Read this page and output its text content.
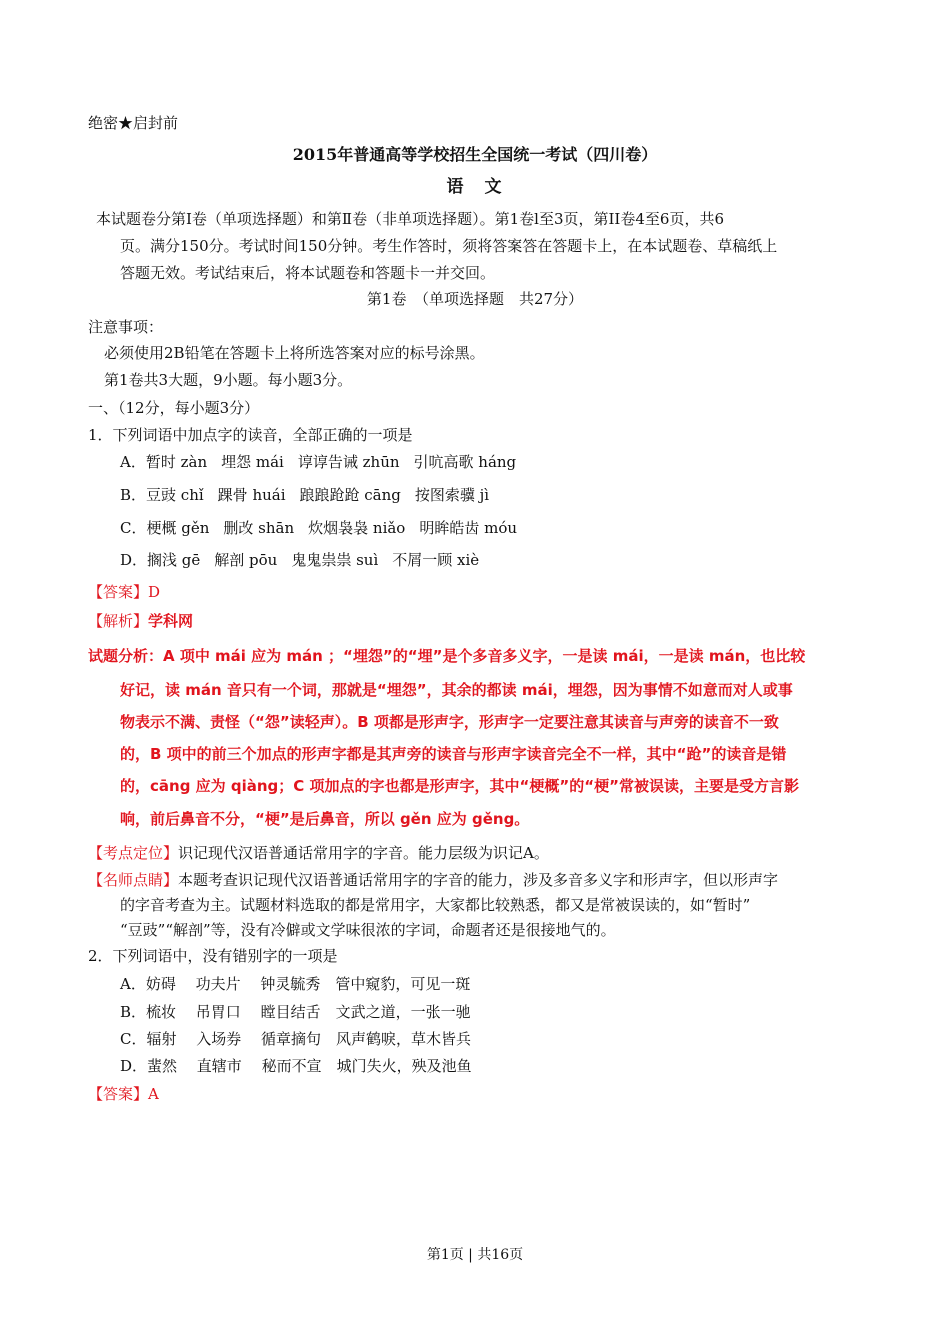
绝密★启封前
2015年普通高等学校招生全国统一考试（四川卷）
语　文
本试题卷分第Ⅰ卷（单项选择题）和第Ⅱ卷（非单项选择题）。第1卷l至3页，第II卷4至6页，共6
页。满分150分。考试时间150分钟。考生作答时，须将答案答在答题卡上，在本试题卷、草稿纸上
答题无效。考试结束后，将本试题卷和答题卡一并交回。
第1卷　（单项选择题　共27分）
注意事项：
必须使用2B铅笔在答题卡上将所选答案对应的标号涂黑。
第1卷共3大题，9小题。每小题3分。
一、（12分，每小题3分）
1．下列词语中加点字的读音，全部正确的一项是
A．暂时 zàn 埋怨 mái 谆谆告诫 zhūn 引吭高歌 háng
B．豆豉 chǐ 踝骨 huái 踉踉跄跄 cāng 按图索骥 jì
C．梗概 gěn 删改 shān 炊烟袅袅 niǎo 明眸皓齿 móu
D．搁浅 gē 解剖 pōu 鬼鬼祟祟 suì 不屑一顾 xiè
【答案】D
【解析】学科网
试题分析：A 项中 mái 应为 mán ；“埋怨”的“埋”是个多音多义字，一是读 mái，一是读 mán，也比较
好记，读 mán 音只有一个词，那就是“埋怨”，其余的都读 mái，埋怨，因为事情不如意而对人或事
物表示不满、责怪（“怨”读轻声）。B 项都是形声字，形声字一定要注意其读音与声旁的读音不一致
的，B 项中的前三个加点的形声字都是其声旁的读音与形声字读音完全不一样，其中“跄”的读音是错
的，cāng 应为 qiàng；C 项加点的字也都是形声字，其中“梗概”的“梗”常被误读，主要是受方言影
响，前后鼻音不分，“梗”是后鼻音，所以 gěn 应为 gěng。
【考点定位】识记现代汉语普通话常用字的字音。能力层级为识记A。
【名师点睛】本题考查识记现代汉语普通话常用字的字音的能力，涉及多音多义字和形声字，但以形声字
的字音考查为主。试题材料选取的都是常用字，大家都比较熟悉，都又是常被误读的，如“暂时”
“豆豉”“解剖”等，没有冷僻或文学味很浓的字词，命题者还是很接地气的。
2．下列词语中，没有错别字的一项是
A．妨碍　 功夫片　 钟灵毓秀　管中窥豹，可见一斑
B．梳妆　 吊胃口　 瞠目结舌　文武之道，一张一驰
C．辐射　 入场券　 循章摘句　风声鹤唳，草木皆兵
D．蜚然　 直辖市　 秘而不宣　城门失火，殃及池鱼
【答案】A
第1页 | 共16页
